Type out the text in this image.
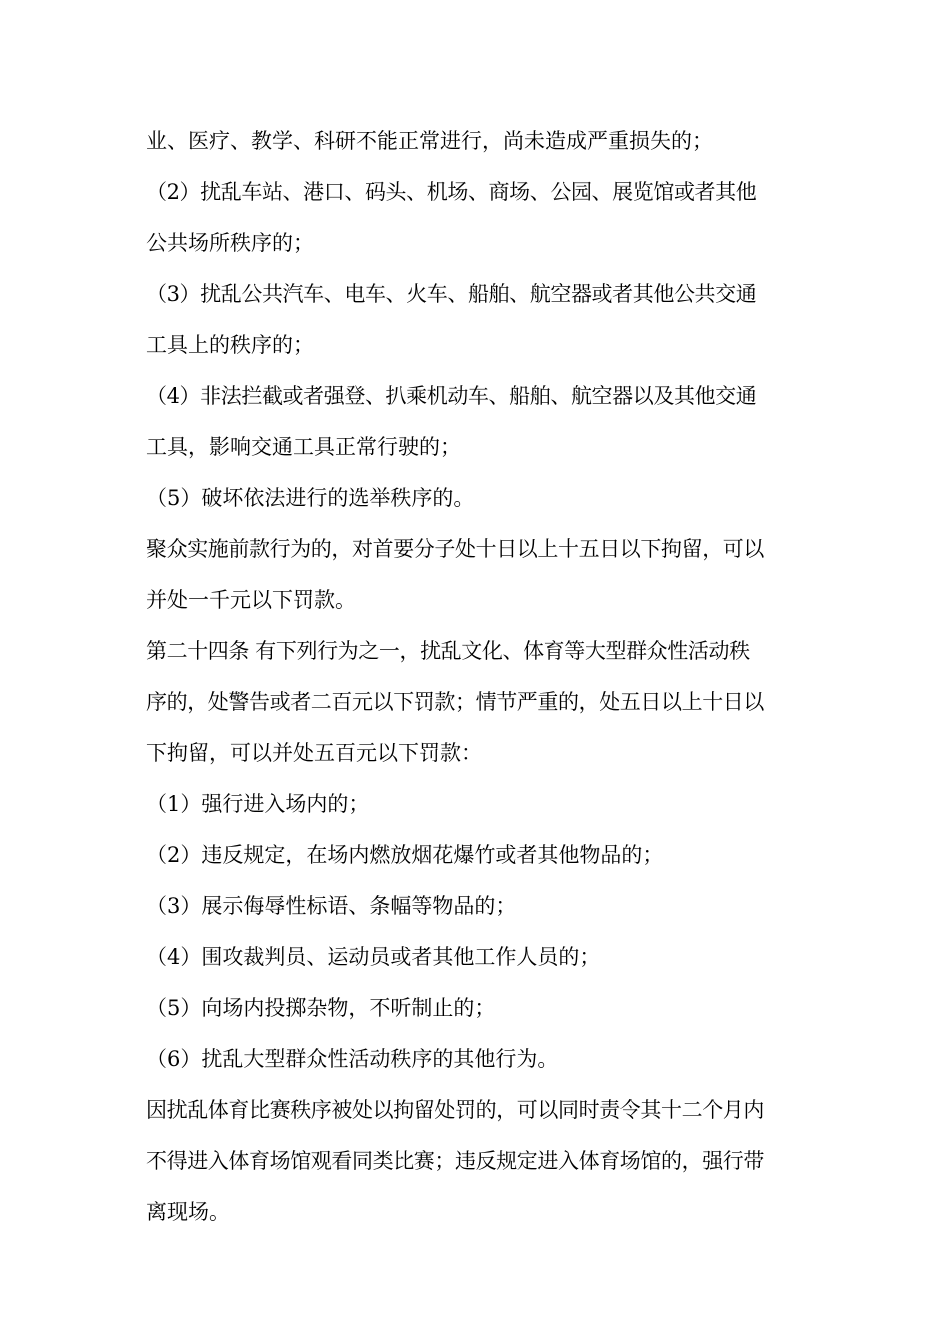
业、医疗、教学、科研不能正常进行，尚未造成严重损失的；
（2）扰乱车站、港口、码头、机场、商场、公园、展览馆或者其他
公共场所秩序的；
（3）扰乱公共汽车、电车、火车、船舶、航空器或者其他公共交通
工具上的秩序的；
（4）非法拦截或者强登、扒乘机动车、船舶、航空器以及其他交通
工具，影响交通工具正常行驶的；
（5）破坏依法进行的选举秩序的。
聚众实施前款行为的，对首要分子处十日以上十五日以下拘留，可以
并处一千元以下罚款。
第二十四条 有下列行为之一，扰乱文化、体育等大型群众性活动秩
序的，处警告或者二百元以下罚款；情节严重的，处五日以上十日以
下拘留，可以并处五百元以下罚款：
（1）强行进入场内的；
（2）违反规定，在场内燃放烟花爆竹或者其他物品的；
（3）展示侮辱性标语、条幅等物品的；
（4）围攻裁判员、运动员或者其他工作人员的；
（5）向场内投掷杂物，不听制止的；
（6）扰乱大型群众性活动秩序的其他行为。
因扰乱体育比赛秩序被处以拘留处罚的，可以同时责令其十二个月内
不得进入体育场馆观看同类比赛；违反规定进入体育场馆的，强行带
离现场。
